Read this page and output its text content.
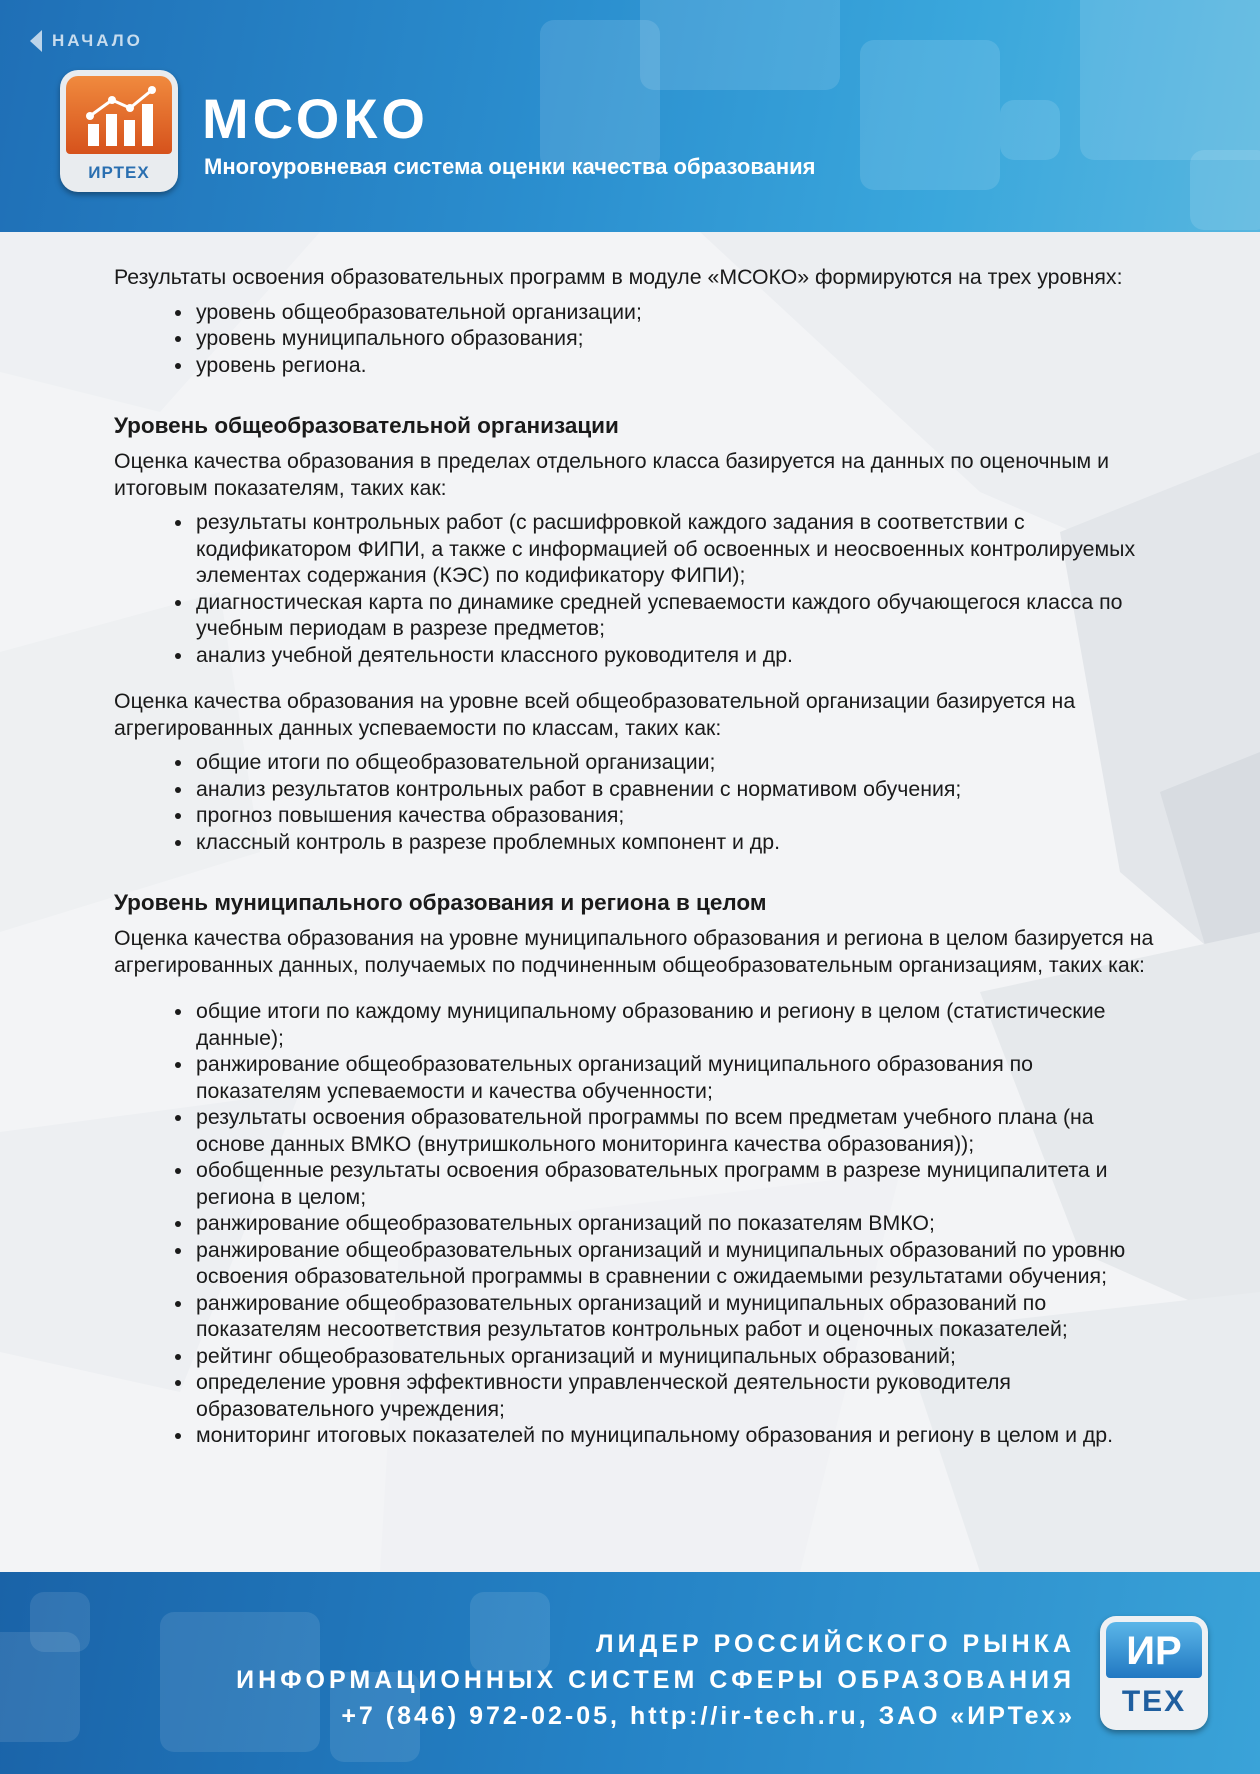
НАЧАЛО
ИРТЕХ
МСОКО
Многоуровневая система оценки качества образования

Результаты освоения образовательных программ в модуле «МСОКО» формируются на трех уровнях:

уровень общеобразовательной организации;
уровень муниципального образования;
уровень региона.
Уровень общеобразовательной организации

Оценка качества образования в пределах отдельного класса базируется на данных по оценочным и итоговым показателям, таких как:

результаты контрольных работ (с расшифровкой каждого задания в соответствии с кодификатором ФИПИ, а также с информацией об освоенных и неосвоенных контролируемых элементах содержания (КЭС) по кодификатору ФИПИ);
диагностическая карта по динамике средней успеваемости каждого обучающегося класса по учебным периодам в разрезе предметов;
анализ учебной деятельности классного руководителя и др.

Оценка качества образования на уровне всей общеобразовательной организации базируется на агрегированных данных успеваемости по классам, таких как:

общие итоги по общеобразовательной организации;
анализ результатов контрольных работ в сравнении с нормативом обучения;
прогноз повышения качества образования;
классный контроль в разрезе проблемных компонент и др.
Уровень муниципального образования и региона в целом

Оценка качества образования на уровне муниципального образования и региона в целом базируется на агрегированных данных, получаемых по подчиненным общеобразовательным организациям, таких как:

общие итоги по каждому муниципальному образованию и региону в целом (статистические данные);
ранжирование общеобразовательных организаций муниципального образования по показателям успеваемости и качества обученности;
результаты освоения образовательной программы по всем предметам учебного плана (на основе данных ВМКО (внутришкольного мониторинга качества образования));
обобщенные результаты освоения образовательных программ в разрезе муниципалитета и региона в целом;
ранжирование общеобразовательных организаций по показателям ВМКО;
ранжирование общеобразовательных организаций и муниципальных образований по уровню освоения образовательной программы в сравнении с ожидаемыми результатами обучения;
ранжирование общеобразовательных организаций и муниципальных образований по показателям несоответствия результатов контрольных работ и оценочных показателей;
рейтинг общеобразовательных организаций и муниципальных образований;
определение уровня эффективности управленческой деятельности руководителя образовательного учреждения;
мониторинг итоговых показателей по муниципальному образования и региону в целом и др.
ЛИДЕР РОССИЙСКОГО РЫНКА
ИНФОРМАЦИОННЫХ СИСТЕМ СФЕРЫ ОБРАЗОВАНИЯ
+7 (846) 972-02-05, http://ir-tech.ru, ЗАО «ИРТех»
ИР
ТЕХ
